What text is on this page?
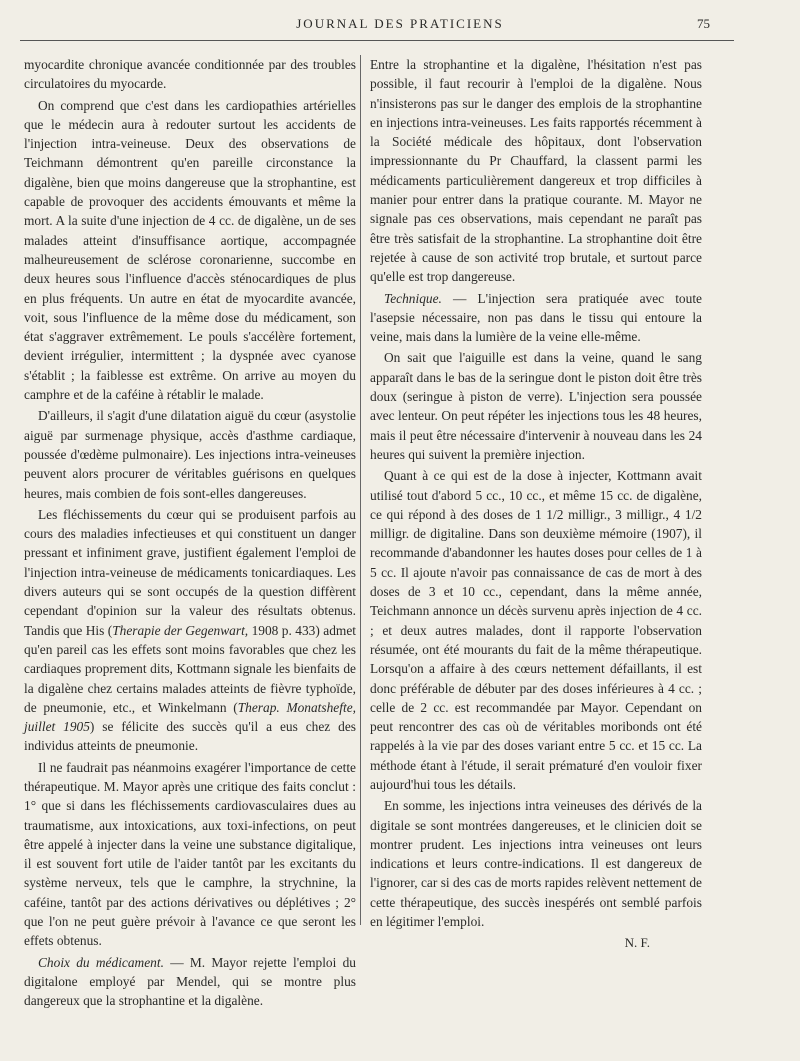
JOURNAL DES PRATICIENS	75

myocardite chronique avancée conditionnée par des troubles circulatoires du myocarde.

On comprend que c'est dans les cardiopathies artérielles que le médecin aura à redouter surtout les accidents de l'injection intra-veineuse. Deux des observations de Teichmann démontrent qu'en pareille circonstance la digalène, bien que moins dangereuse que la strophantine, est capable de provoquer des accidents émouvants et même la mort. A la suite d'une injection de 4 cc. de digalène, un de ses malades atteint d'insuffisance aortique, accompagnée malheureusement de sclérose coronarienne, succombe en deux heures sous l'influence d'accès sténocardiques de plus en plus fréquents. Un autre en état de myocardite avancée, voit, sous l'influence de la même dose du médicament, son état s'aggraver extrêmement. Le pouls s'accélère fortement, devient irrégulier, intermittent ; la dyspnée avec cyanose s'établit ; la faiblesse est extrême. On arrive au moyen du camphre et de la caféine à rétablir le malade.

D'ailleurs, il s'agit d'une dilatation aiguë du cœur (asystolie aiguë par surmenage physique, accès d'asthme cardiaque, poussée d'œdème pulmonaire). Les injections intra-veineuses peuvent alors procurer de véritables guérisons en quelques heures, mais combien de fois sont-elles dangereuses.

Les fléchissements du cœur qui se produisent parfois au cours des maladies infectieuses et qui constituent un danger pressant et infiniment grave, justifient également l'emploi de l'injection intra-veineuse de médicaments tonicardiaques. Les divers auteurs qui se sont occupés de la question diffèrent cependant d'opinion sur la valeur des résultats obtenus. Tandis que His (Therapie der Gegenwart, 1908 p. 433) admet qu'en pareil cas les effets sont moins favorables que chez les cardiaques proprement dits, Kottmann signale les bienfaits de la digalène chez certains malades atteints de fièvre typhoïde, de pneumonie, etc., et Winkelmann (Therap. Monatshefte, juillet 1905) se félicite des succès qu'il a eus chez des individus atteints de pneumonie.

Il ne faudrait pas néanmoins exagérer l'importance de cette thérapeutique. M. Mayor après une critique des faits conclut : 1° que si dans les fléchissements cardiovasculaires dues au traumatisme, aux intoxications, aux toxi-infections, on peut être appelé à injecter dans la veine une substance digitalique, il est souvent fort utile de l'aider tantôt par les excitants du système nerveux, tels que le camphre, la strychnine, la caféine, tantôt par des actions dérivatives ou déplétives ; 2° que l'on ne peut guère prévoir à l'avance ce que seront les effets obtenus.

Choix du médicament. — M. Mayor rejette l'emploi du digitalone employé par Mendel, qui se montre plus dangereux que la strophantine et la digalène.

Entre la strophantine et la digalène, l'hésitation n'est pas possible, il faut recourir à l'emploi de la digalène. Nous n'insisterons pas sur le danger des emplois de la strophantine en injections intra-veineuses. Les faits rapportés récemment à la Société médicale des hôpitaux, dont l'observation impressionnante du Pr Chauffard, la classent parmi les médicaments particulièrement dangereux et trop difficiles à manier pour entrer dans la pratique courante. M. Mayor ne signale pas ces observations, mais cependant ne paraît pas être très satisfait de la strophantine. La strophantine doit être rejetée à cause de son activité trop brutale, et surtout parce qu'elle est trop dangereuse.

Technique. — L'injection sera pratiquée avec toute l'asepsie nécessaire, non pas dans le tissu qui entoure la veine, mais dans la lumière de la veine elle-même.

On sait que l'aiguille est dans la veine, quand le sang apparaît dans le bas de la seringue dont le piston doit être très doux (seringue à piston de verre). L'injection sera poussée avec lenteur. On peut répéter les injections tous les 48 heures, mais il peut être nécessaire d'intervenir à nouveau dans les 24 heures qui suivent la première injection.

Quant à ce qui est de la dose à injecter, Kottmann avait utilisé tout d'abord 5 cc., 10 cc., et même 15 cc. de digalène, ce qui répond à des doses de 1 1/2 milligr., 3 milligr., 4 1/2 milligr. de digitaline. Dans son deuxième mémoire (1907), il recommande d'abandonner les hautes doses pour celles de 1 à 5 cc. Il ajoute n'avoir pas connaissance de cas de mort à des doses de 3 et 10 cc., cependant, dans la même année, Teichmann annonce un décès survenu après injection de 4 cc. ; et deux autres malades, dont il rapporte l'observation résumée, ont été mourants du fait de la même thérapeutique. Lorsqu'on a affaire à des cœurs nettement défaillants, il est donc préférable de débuter par des doses inférieures à 4 cc. ; celle de 2 cc. est recommandée par Mayor. Cependant on peut rencontrer des cas où de véritables moribonds ont été rappelés à la vie par des doses variant entre 5 cc. et 15 cc. La méthode étant à l'étude, il serait prématuré d'en vouloir fixer aujourd'hui tous les détails.

En somme, les injections intra veineuses des dérivés de la digitale se sont montrées dangereuses, et le clinicien doit se montrer prudent. Les injections intra veineuses ont leurs indications et leurs contre-indications. Il est dangereux de l'ignorer, car si des cas de morts rapides relèvent nettement de cette thérapeutique, des succès inespérés ont semblé parfois en légitimer l'emploi.

N. F.
